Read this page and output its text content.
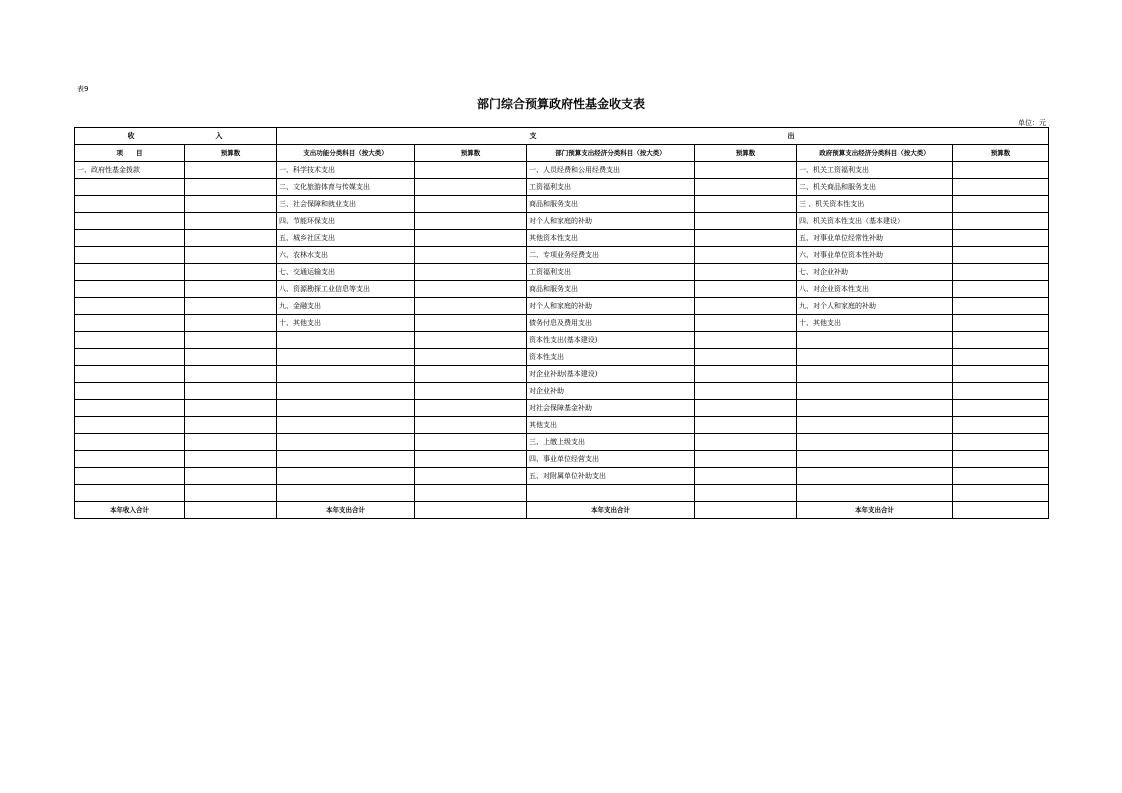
表9
部门综合预算政府性基金收支表
单位：元
收 入		支 出					
项　　目	预算数	支出功能分类科目（按大类）	预算数	部门预算支出经济分类科目（按大类）	预算数	政府预算支出经济分类科目（按大类）	预算数
一、政府性基金拨款		一、科学技术支出		一、人员经费和公用经费支出		一、机关工资福利支出	
		二、文化旅游体育与传媒支出		工资福利支出		二、机关商品和服务支出	
		三、社会保障和就业支出		商品和服务支出		三 、机关资本性支出	
		四、节能环保支出		对个人和家庭的补助		四、机关资本性支出（基本建设）	
		五、城乡社区支出		其他资本性支出		五、对事业单位经常性补助	
		六、农林水支出		二、专项业务经费支出		六、对事业单位资本性补助	
		七、交通运输支出		工资福利支出		七、对企业补助	
		八、资源勘探工业信息等支出		商品和服务支出		八、对企业资本性支出	
		九、金融支出		对个人和家庭的补助		九、对个人和家庭的补助	
		十、其他支出		债务付息及费用支出		十、其他支出	
				资本性支出(基本建设)			
				资本性支出			
				对企业补助(基本建设)			
				对企业补助			
				对社会保障基金补助			
				其他支出			
				三、上缴上级支出			
				四、事业单位经营支出			
				五、对附属单位补助支出			

本年收入合计		本年支出合计		本年支出合计		本年支出合计	
